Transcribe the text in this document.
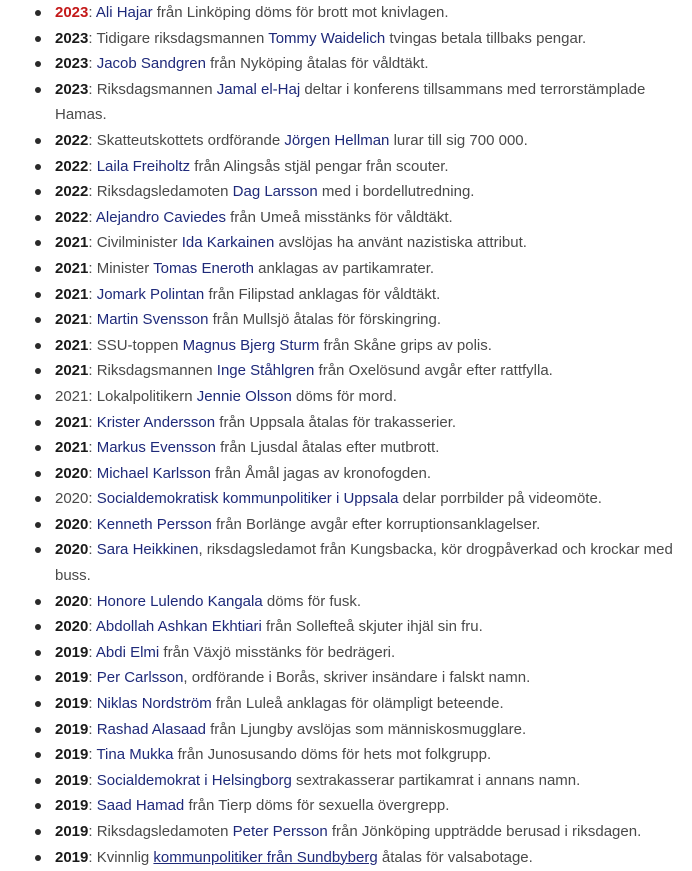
2023: Ali Hajar från Linköping döms för brott mot knivlagen.
2023: Tidigare riksdagsmannen Tommy Waidelich tvingas betala tillbaks pengar.
2023: Jacob Sandgren från Nyköping åtalas för våldtäkt.
2023: Riksdagsmannen Jamal el-Haj deltar i konferens tillsammans med terrorstämplade Hamas.
2022: Skatteutskottets ordförande Jörgen Hellman lurar till sig 700 000.
2022: Laila Freiholtz från Alingsås stjäl pengar från scouter.
2022: Riksdagsledamoten Dag Larsson med i bordellutredning.
2022: Alejandro Caviedes från Umeå misstänks för våldtäkt.
2021: Civilminister Ida Karkainen avslöjas ha använt nazistiska attribut.
2021: Minister Tomas Eneroth anklagas av partikamrater.
2021: Jomark Polintan från Filipstad anklagas för våldtäkt.
2021: Martin Svensson från Mullsjö åtalas för förskingring.
2021: SSU-toppen Magnus Bjerg Sturm från Skåne grips av polis.
2021: Riksdagsmannen Inge Ståhlgren från Oxelösund avgår efter rattfylla.
2021: Lokalpolitikern Jennie Olsson döms för mord.
2021: Krister Andersson från Uppsala åtalas för trakasserier.
2021: Markus Evensson från Ljusdal åtalas efter mutbrott.
2020: Michael Karlsson från Åmål jagas av kronofogden.
2020: Socialdemokratisk kommunpolitiker i Uppsala delar porrbilder på videomöte.
2020: Kenneth Persson från Borlänge avgår efter korruptionsanklagelser.
2020: Sara Heikkinen, riksdagsledamot från Kungsbacka, kör drogpåverkad och krockar med buss.
2020: Honore Lulendo Kangala döms för fusk.
2020: Abdollah Ashkan Ekhtiari från Sollefteå skjuter ihjäl sin fru.
2019: Abdi Elmi från Växjö misstänks för bedrägeri.
2019: Per Carlsson, ordförande i Borås, skriver insändare i falskt namn.
2019: Niklas Nordström från Luleå anklagas för olämpligt beteende.
2019: Rashad Alasaad från Ljungby avslöjas som människosmugglare.
2019: Tina Mukka från Junosusando döms för hets mot folkgrupp.
2019: Socialdemokrat i Helsingborg sextrakasserar partikamrat i annans namn.
2019: Saad Hamad från Tierp döms för sexuella övergrepp.
2019: Riksdagsledamoten Peter Persson från Jönköping uppträdde berusad i riksdagen.
2019: Kvinnlig kommunpolitiker från Sundbyberg åtalas för valsabotage.
